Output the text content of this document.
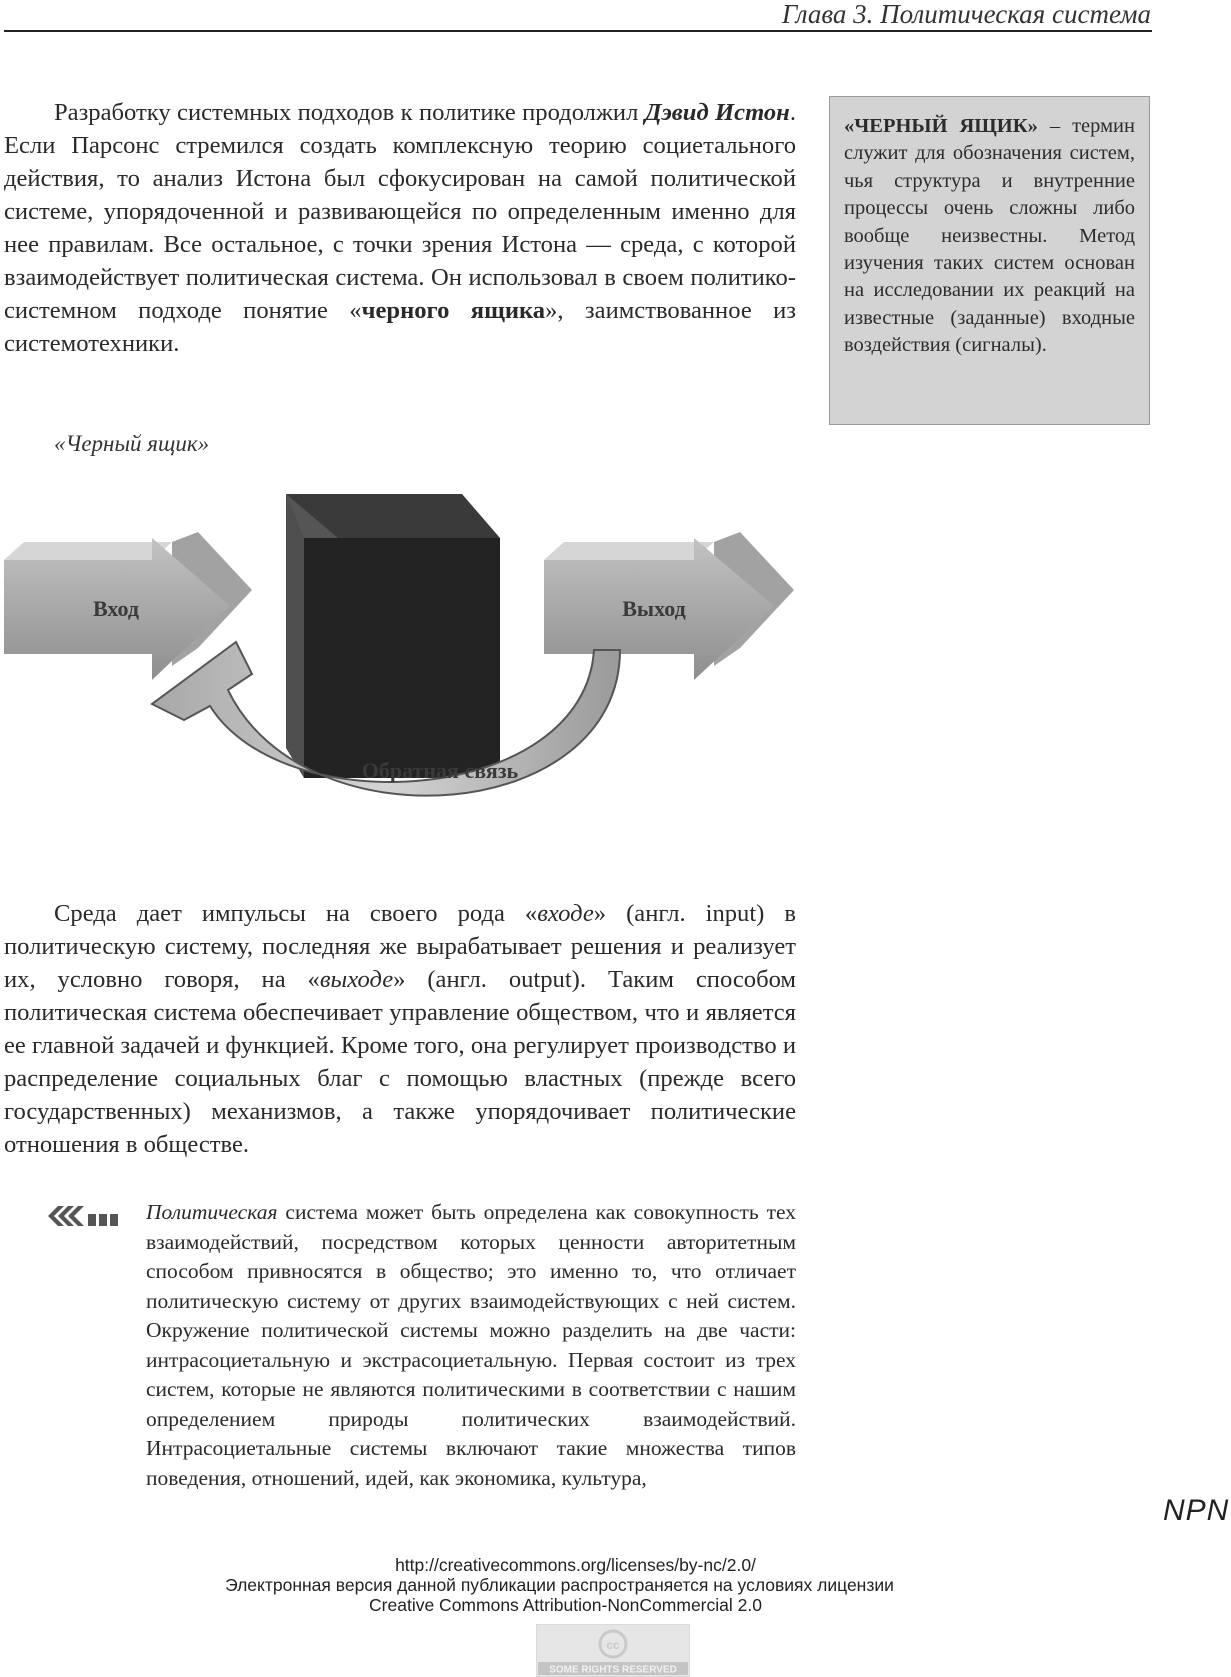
Глава 3. Политическая система

Разработку системных подходов к политике продолжил Дэвид Истон. Если Парсонс стремился создать комплексную теорию социетального действия, то анализ Истона был сфокусирован на самой политической системе, упорядоченной и развивающейся по определенным именно для нее правилам. Все остальное, с точки зрения Истона — среда, с которой взаимодействует политическая система. Он использовал в своем политико-системном подходе понятие «черного ящика», заимствованное из системотехники.

«ЧЕРНЫЙ ЯЩИК» – термин служит для обозначения систем, чья структура и внутренние процессы очень сложны либо вообще неизвестны. Метод изучения таких систем основан на исследовании их реакций на известные (заданные) входные воздействия (сигналы).
«Черный ящик»
Вход	Выход
Обратная связь

Среда дает импульсы на своего рода «входе» (англ. input) в политическую систему, последняя же вырабатывает решения и реализует их, условно говоря, на «выходе» (англ. output). Таким способом политическая система обеспечивает управление обществом, что и является ее главной задачей и функцией. Кроме того, она регулирует производство и распределение социальных благ с помощью властных (прежде всего государственных) механизмов, а также упорядочивает политические отношения в обществе.

Политическая система может быть определена как совокупность тех взаимодействий, посредством которых ценности авторитетным способом привносятся в общество; это именно то, что отличает политическую систему от других взаимодействующих с ней систем. Окружение политической системы можно разделить на две части: интрасоциетальную и экстрасоциетальную. Первая состоит из трех систем, которые не являются политическими в соответствии с нашим определением природы политических взаимодействий. Интрасоциетальные системы включают такие множества типов поведения, отношений, идей, как экономика, культура,
NPN
http://creativecommons.org/licenses/by-nc/2.0/
Электронная версия данной публикации распространяется на условиях лицензии
Creative Commons Attribution-NonCommercial 2.0
cc
SOME RIGHTS RESERVED
